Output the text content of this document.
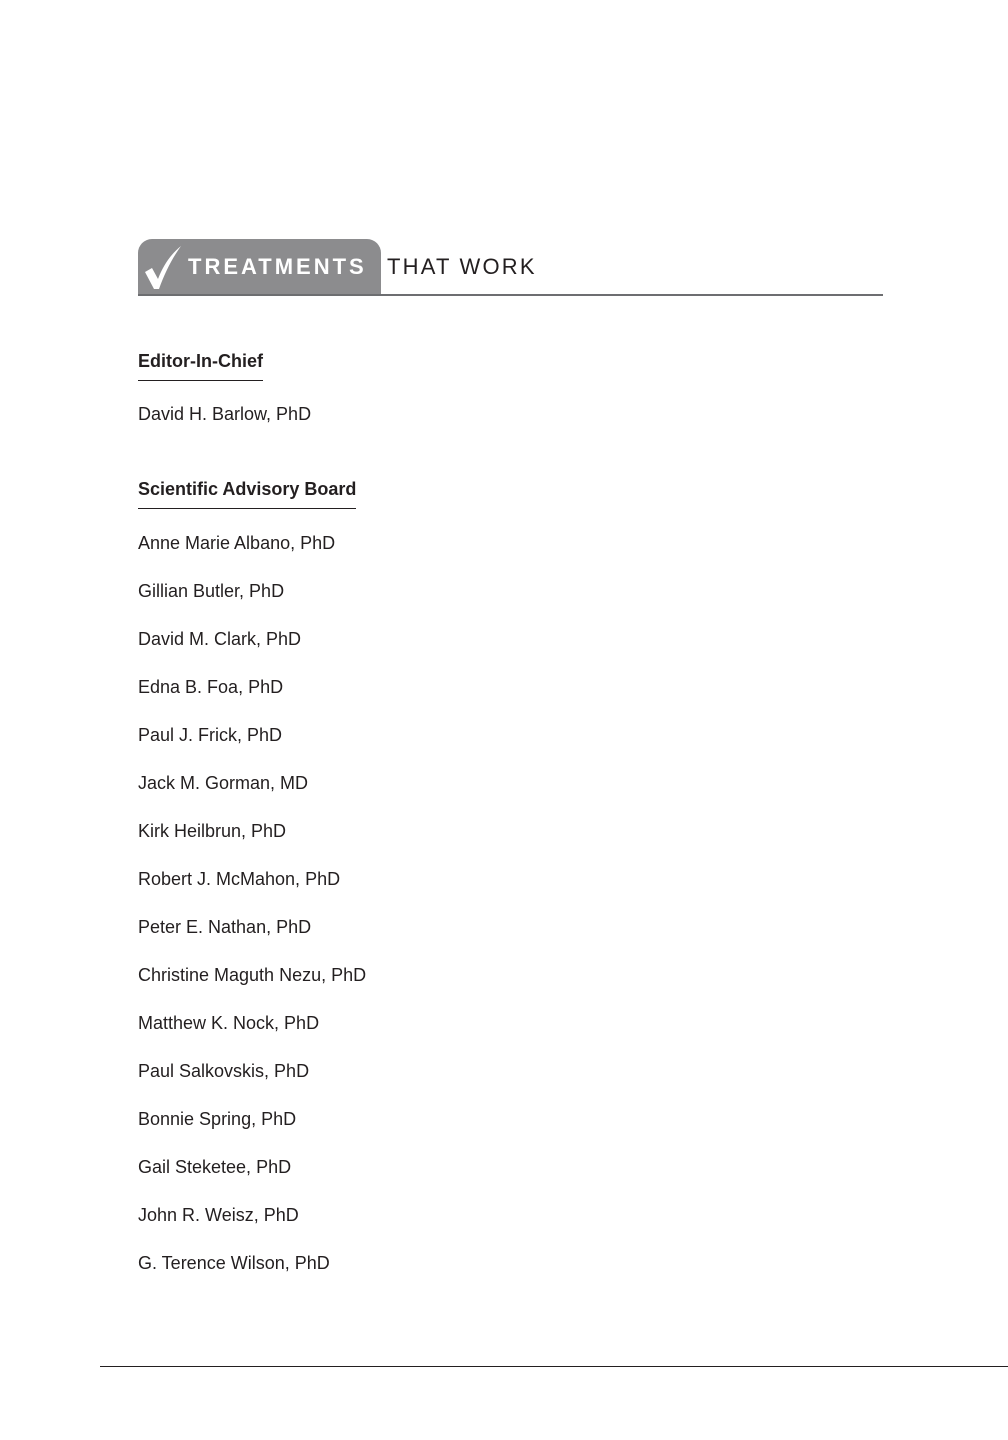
TREATMENTS THAT WORK
Editor-In-Chief
David H. Barlow, PhD
Scientific Advisory Board
Anne Marie Albano, PhD
Gillian Butler, PhD
David M. Clark, PhD
Edna B. Foa, PhD
Paul J. Frick, PhD
Jack M. Gorman, MD
Kirk Heilbrun, PhD
Robert J. McMahon, PhD
Peter E. Nathan, PhD
Christine Maguth Nezu, PhD
Matthew K. Nock, PhD
Paul Salkovskis, PhD
Bonnie Spring, PhD
Gail Steketee, PhD
John R. Weisz, PhD
G. Terence Wilson, PhD
